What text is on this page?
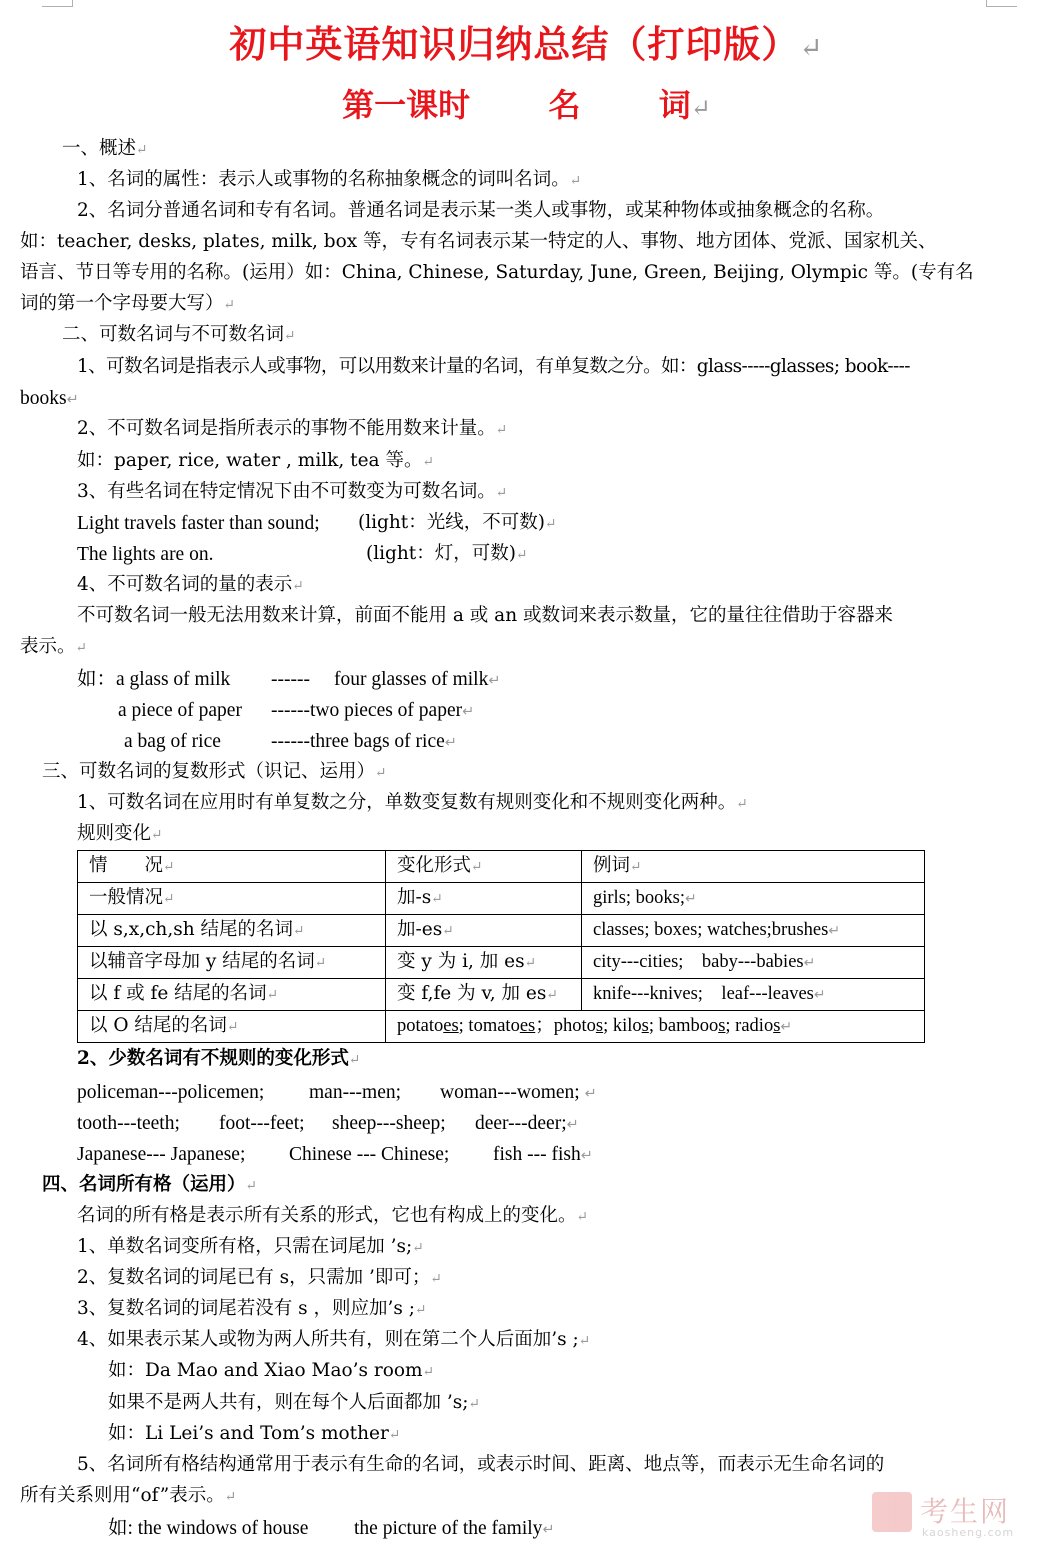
初中英语知识归纳总结（打印版）↵
第一课时  名  词↵
一、概述↵
1、名词的属性：表示人或事物的名称抽象概念的词叫名词。↵
2、名词分普通名词和专有名词。普通名词是表示某一类人或事物，或某种物体或抽象概念的名称。
如：teacher, desks, plates, milk, box 等，专有名词表示某一特定的人、事物、地方团体、党派、国家机关、
语言、节日等专用的名称。(运用）如：China, Chinese, Saturday, June, Green, Beijing, Olympic 等。(专有名
词的第一个字母要大写）↵
二、可数名词与不可数名词↵
1、可数名词是指表示人或事物，可以用数来计量的名词，有单复数之分。如：glass-----glasses; book----
books↵
2、不可数名词是指所表示的事物不能用数来计量。↵
如：paper, rice, water , milk, tea 等。↵
3、有些名词在特定情况下由不可数变为可数名词。↵
Light travels faster than sound; (light：光线，不可数)↵
The lights are on.	(light：灯，可数)↵
4、不可数名词的量的表示↵
不可数名词一般无法用数来计算，前面不能用 a 或 an 或数词来表示数量，它的量往往借助于容器来
表示。↵
如：a glass of milk ------ four glasses of milk↵
a piece of paper ------two pieces of paper↵
a bag of rice	------three bags of rice↵
三、可数名词的复数形式（识记、运用）↵
1、可数名词在应用时有单复数之分，单数变复数有规则变化和不规则变化两种。↵
规则变化↵
情　　况↵	变化形式↵	例词↵
一般情况↵	加-s↵	girls; books;↵
以 s,x,ch,sh 结尾的名词↵	加-es↵	classes; boxes; watches;brushes↵
以辅音字母加 y 结尾的名词↵	变 y 为 i, 加 es↵	city---cities;    baby---babies↵
以 f 或 fe 结尾的名词↵	变 f,fe 为 v, 加 es↵	knife---knives;    leaf---leaves↵
以 O 结尾的名词↵	potatoes; tomatoes；photos; kilos; bamboos; radios↵	
2、少数名词有不规则的变化形式↵
policeman---policemen; man---men; woman---women; ↵
tooth---teeth; foot---feet; sheep---sheep; deer---deer;↵
Japanese--- Japanese; Chinese --- Chinese; fish --- fish↵
四、名词所有格（运用）↵
名词的所有格是表示所有关系的形式，它也有构成上的变化。↵
1、单数名词变所有格，只需在词尾加 ’s;↵
2、复数名词的词尾已有 s，只需加 ’即可；↵
3、复数名词的词尾若没有 s ，则应加’s ;↵
4、如果表示某人或物为两人所共有，则在第二个人后面加’s ;↵
如：Da Mao and Xiao Mao’s room↵
如果不是两人共有，则在每个人后面都加 ’s;↵
如：Li Lei’s and Tom’s mother↵
5、名词所有格结构通常用于表示有生命的名词，或表示时间、距离、地点等，而表示无生命名词的
所有关系则用“of”表示。↵
如: the windows of house the picture of the family↵
考生网
kaosheng.com
